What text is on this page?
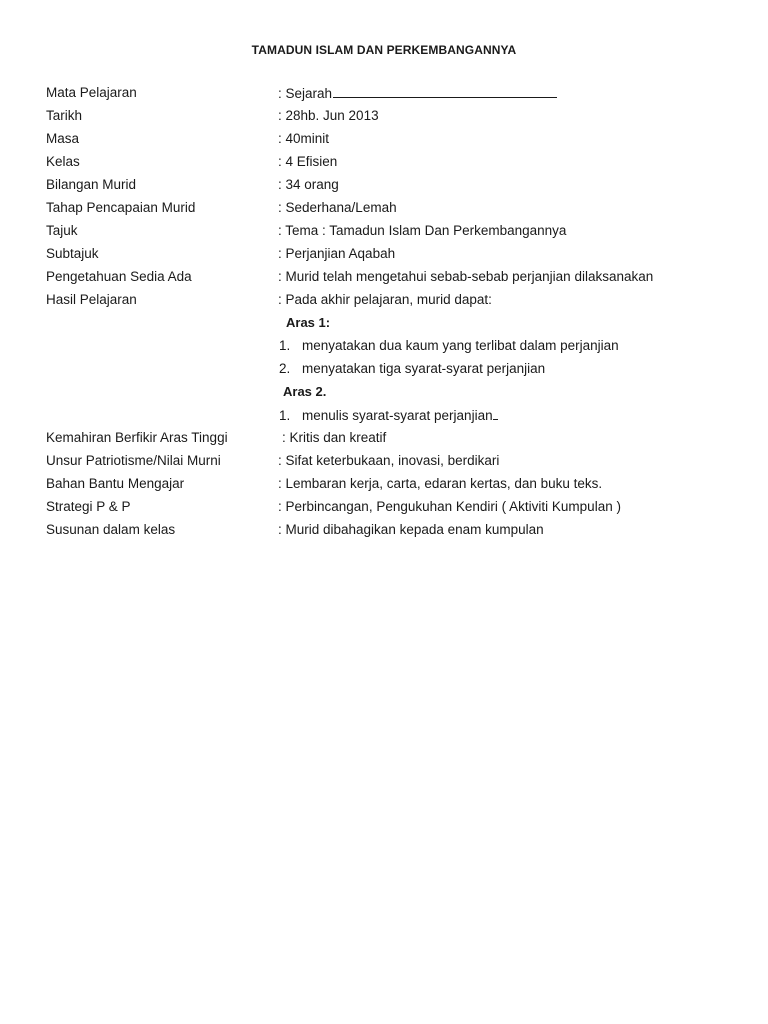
TAMADUN ISLAM DAN PERKEMBANGANNYA
Mata Pelajaran	: Sejarah
Tarikh	: 28hb. Jun 2013
Masa	: 40minit
Kelas	: 4 Efisien
Bilangan Murid	: 34 orang
Tahap Pencapaian Murid	: Sederhana/Lemah
Tajuk	: Tema : Tamadun Islam Dan Perkembangannya
Subtajuk	: Perjanjian Aqabah
Pengetahuan Sedia Ada	: Murid telah mengetahui sebab-sebab perjanjian dilaksanakan
Hasil Pelajaran	: Pada akhir pelajaran, murid dapat:
Aras 1:
1. menyatakan dua kaum yang terlibat dalam perjanjian
2. menyatakan tiga syarat-syarat perjanjian
Aras 2.
1. menulis syarat-syarat perjanjian
Kemahiran Berfikir Aras Tinggi	: Kritis dan kreatif
Unsur Patriotisme/Nilai Murni	: Sifat keterbukaan, inovasi, berdikari
Bahan Bantu Mengajar	: Lembaran kerja, carta, edaran kertas, dan buku teks.
Strategi P & P	: Perbincangan, Pengukuhan Kendiri ( Aktiviti Kumpulan )
Susunan dalam kelas	: Murid dibahagikan kepada enam kumpulan
